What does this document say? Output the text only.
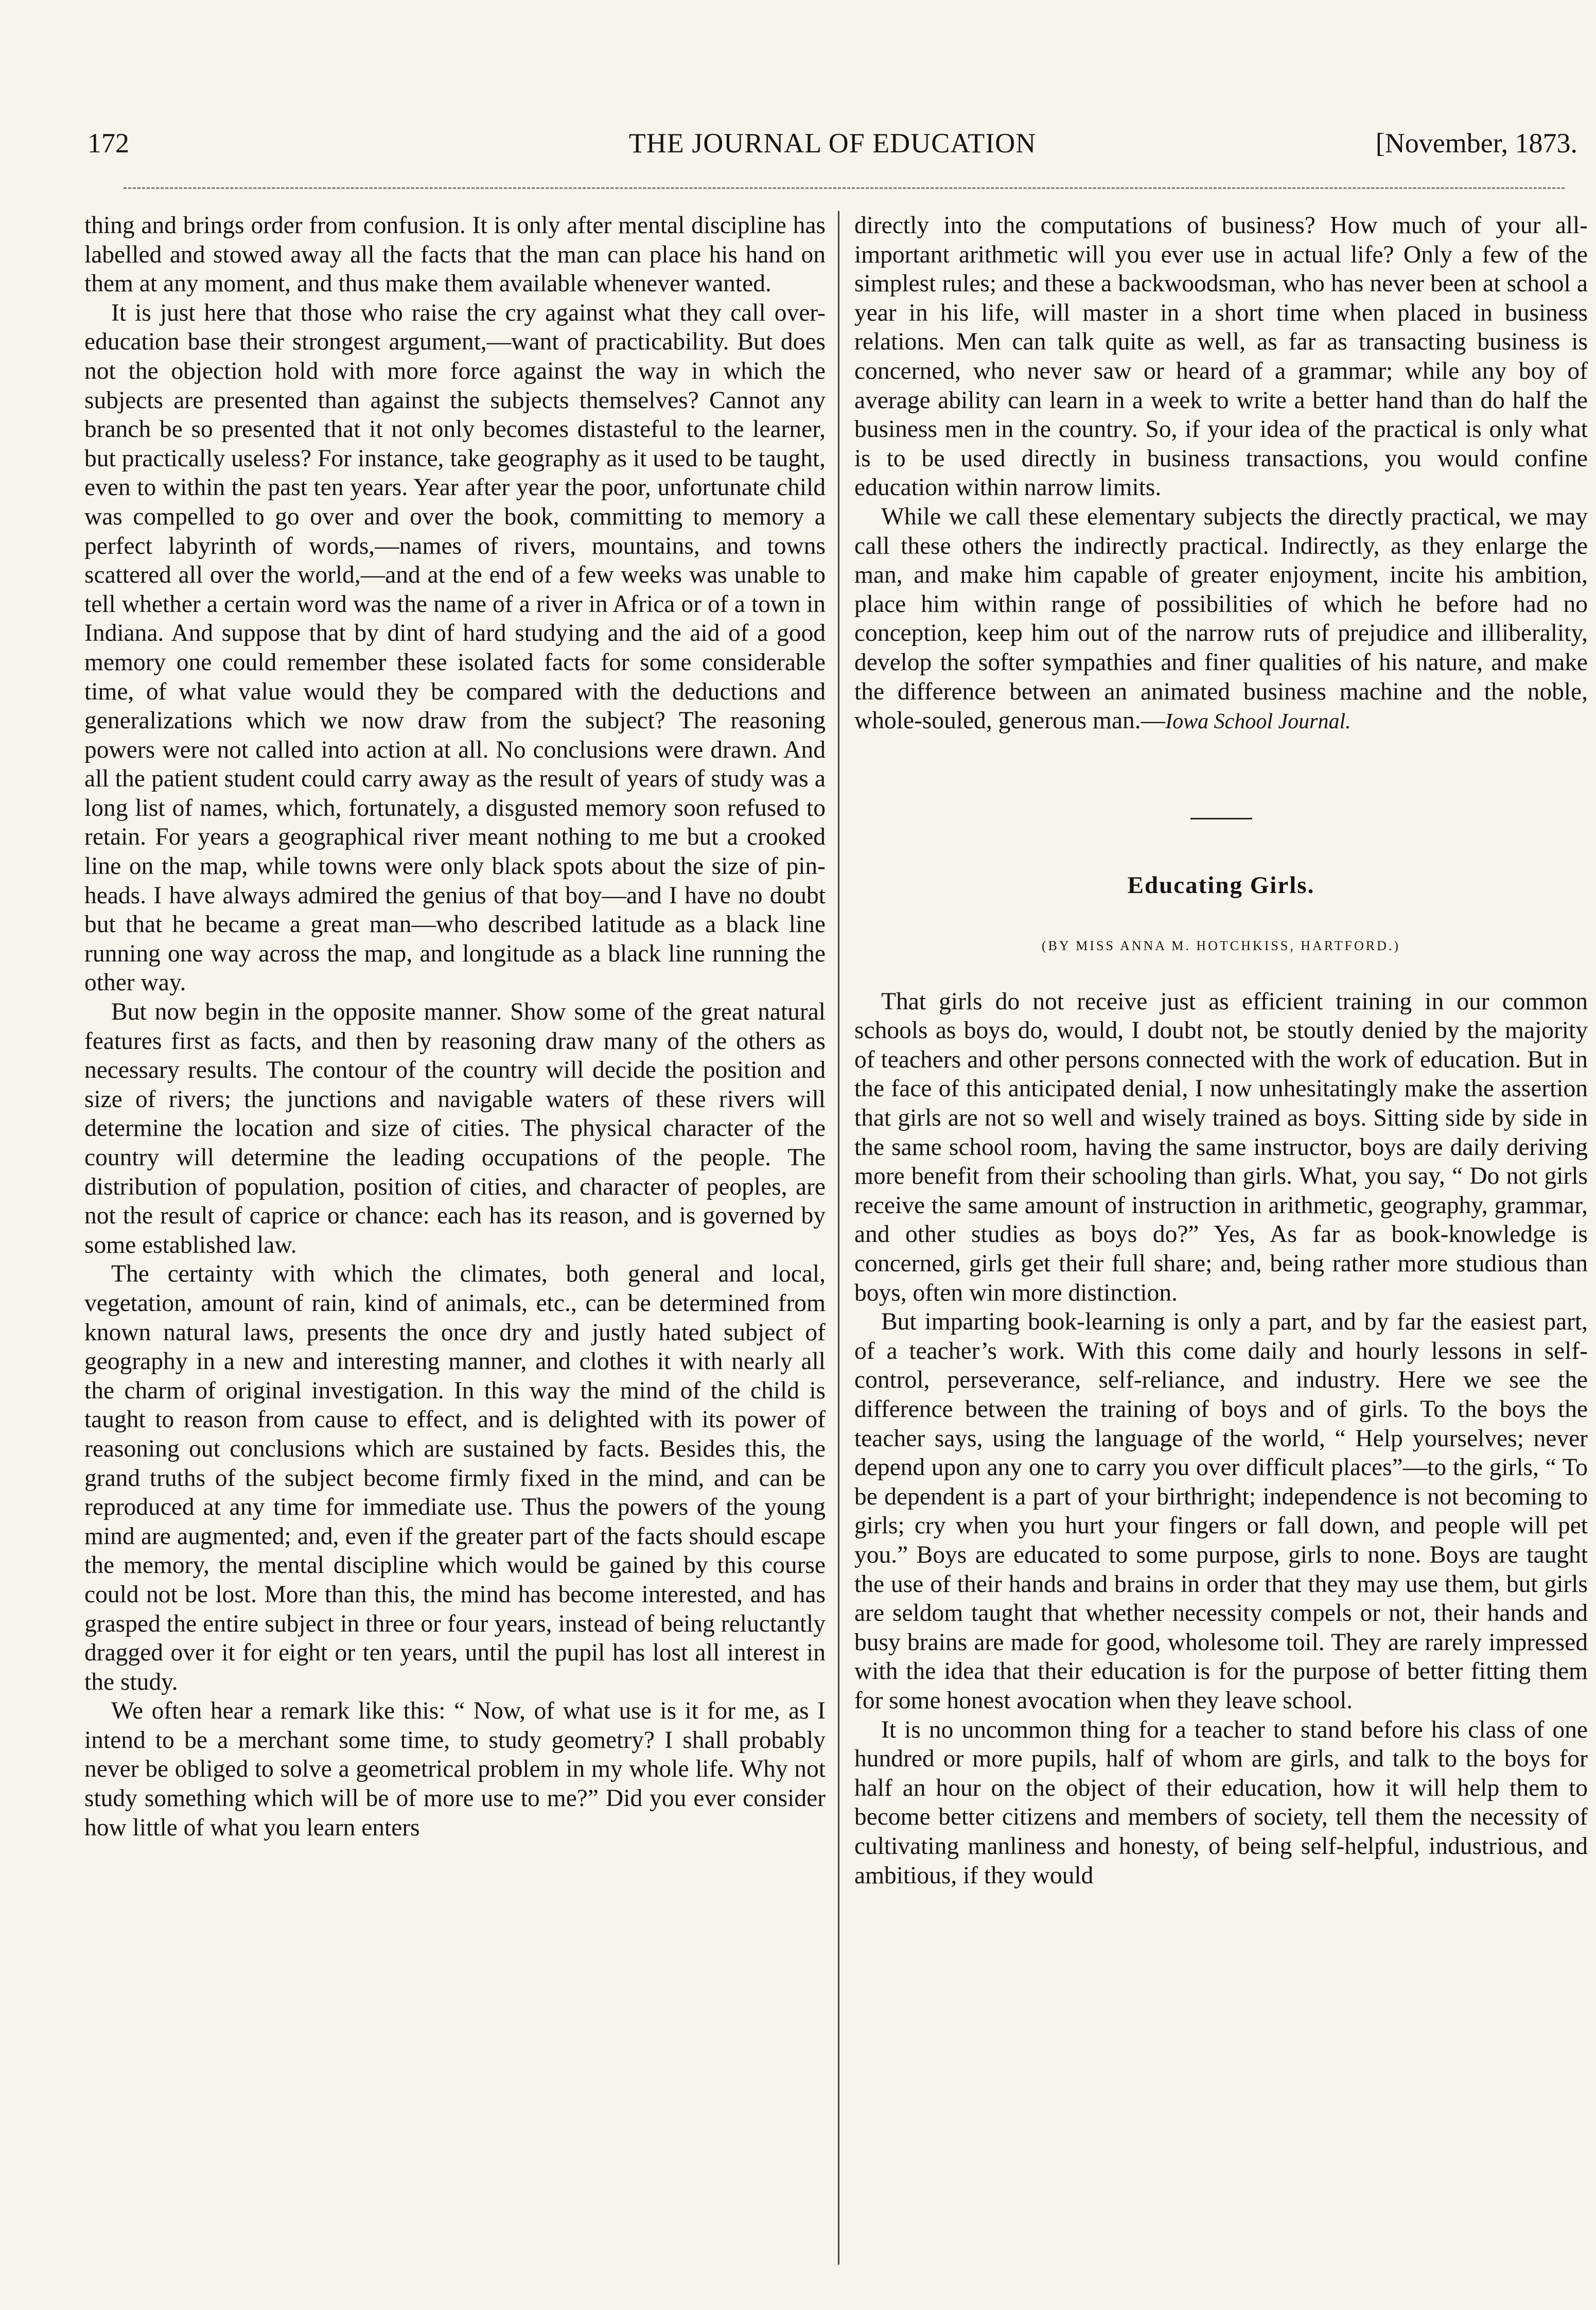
172	THE JOURNAL OF EDUCATION	[November, 1873.

thing and brings order from confusion. It is only after mental discipline has labelled and stowed away all the facts that the man can place his hand on them at any moment, and thus make them available whenever wanted.

It is just here that those who raise the cry against what they call over-education base their strongest argument,—want of practicability. But does not the objection hold with more force against the way in which the subjects are presented than against the subjects themselves? Cannot any branch be so presented that it not only becomes distasteful to the learner, but practically useless? For instance, take geography as it used to be taught, even to within the past ten years. Year after year the poor, unfortunate child was compelled to go over and over the book, committing to memory a perfect labyrinth of words,—names of rivers, mountains, and towns scattered all over the world,—and at the end of a few weeks was unable to tell whether a certain word was the name of a river in Africa or of a town in Indiana. And suppose that by dint of hard studying and the aid of a good memory one could remember these isolated facts for some considerable time, of what value would they be compared with the deductions and generalizations which we now draw from the subject? The reasoning powers were not called into action at all. No conclusions were drawn. And all the patient student could carry away as the result of years of study was a long list of names, which, fortunately, a disgusted memory soon refused to retain. For years a geographical river meant nothing to me but a crooked line on the map, while towns were only black spots about the size of pin-heads. I have always admired the genius of that boy—and I have no doubt but that he became a great man—who described latitude as a black line running one way across the map, and longitude as a black line running the other way.

But now begin in the opposite manner. Show some of the great natural features first as facts, and then by reasoning draw many of the others as necessary results. The contour of the country will decide the position and size of rivers; the junctions and navigable waters of these rivers will determine the location and size of cities. The physical character of the country will determine the leading occupations of the people. The distribution of population, position of cities, and character of peoples, are not the result of caprice or chance: each has its reason, and is governed by some established law.

The certainty with which the climates, both general and local, vegetation, amount of rain, kind of animals, etc., can be determined from known natural laws, presents the once dry and justly hated subject of geography in a new and interesting manner, and clothes it with nearly all the charm of original investigation. In this way the mind of the child is taught to reason from cause to effect, and is delighted with its power of reasoning out conclusions which are sustained by facts. Besides this, the grand truths of the subject become firmly fixed in the mind, and can be reproduced at any time for immediate use. Thus the powers of the young mind are augmented; and, even if the greater part of the facts should escape the memory, the mental discipline which would be gained by this course could not be lost. More than this, the mind has become interested, and has grasped the entire subject in three or four years, instead of being reluctantly dragged over it for eight or ten years, until the pupil has lost all interest in the study.

We often hear a remark like this: “ Now, of what use is it for me, as I intend to be a merchant some time, to study geometry? I shall probably never be obliged to solve a geometrical problem in my whole life. Why not study something which will be of more use to me?” Did you ever consider how little of what you learn enters

directly into the computations of business? How much of your all-important arithmetic will you ever use in actual life? Only a few of the simplest rules; and these a backwoodsman, who has never been at school a year in his life, will master in a short time when placed in business relations. Men can talk quite as well, as far as transacting business is concerned, who never saw or heard of a grammar; while any boy of average ability can learn in a week to write a better hand than do half the business men in the country. So, if your idea of the practical is only what is to be used directly in business transactions, you would confine education within narrow limits.

While we call these elementary subjects the directly practical, we may call these others the indirectly practical. Indirectly, as they enlarge the man, and make him capable of greater enjoyment, incite his ambition, place him within range of possibilities of which he before had no conception, keep him out of the narrow ruts of prejudice and illiberality, develop the softer sympathies and finer qualities of his nature, and make the difference between an animated business machine and the noble, whole-souled, generous man.—Iowa School Journal.

Educating Girls.
(BY MISS ANNA M. HOTCHKISS, HARTFORD.)

That girls do not receive just as efficient training in our common schools as boys do, would, I doubt not, be stoutly denied by the majority of teachers and other persons connected with the work of education. But in the face of this anticipated denial, I now unhesitatingly make the assertion that girls are not so well and wisely trained as boys. Sitting side by side in the same school room, having the same instructor, boys are daily deriving more benefit from their schooling than girls. What, you say, “ Do not girls receive the same amount of instruction in arithmetic, geography, grammar, and other studies as boys do?” Yes, As far as book-knowledge is concerned, girls get their full share; and, being rather more studious than boys, often win more distinction.

But imparting book-learning is only a part, and by far the easiest part, of a teacher’s work. With this come daily and hourly lessons in self-control, perseverance, self-reliance, and industry. Here we see the difference between the training of boys and of girls. To the boys the teacher says, using the language of the world, “ Help yourselves; never depend upon any one to carry you over difficult places”—to the girls, “ To be dependent is a part of your birthright; independence is not becoming to girls; cry when you hurt your fingers or fall down, and people will pet you.” Boys are educated to some purpose, girls to none. Boys are taught the use of their hands and brains in order that they may use them, but girls are seldom taught that whether necessity compels or not, their hands and busy brains are made for good, wholesome toil. They are rarely impressed with the idea that their education is for the purpose of better fitting them for some honest avocation when they leave school.

It is no uncommon thing for a teacher to stand before his class of one hundred or more pupils, half of whom are girls, and talk to the boys for half an hour on the object of their education, how it will help them to become better citizens and members of society, tell them the necessity of cultivating manliness and honesty, of being self-helpful, industrious, and ambitious, if they would
